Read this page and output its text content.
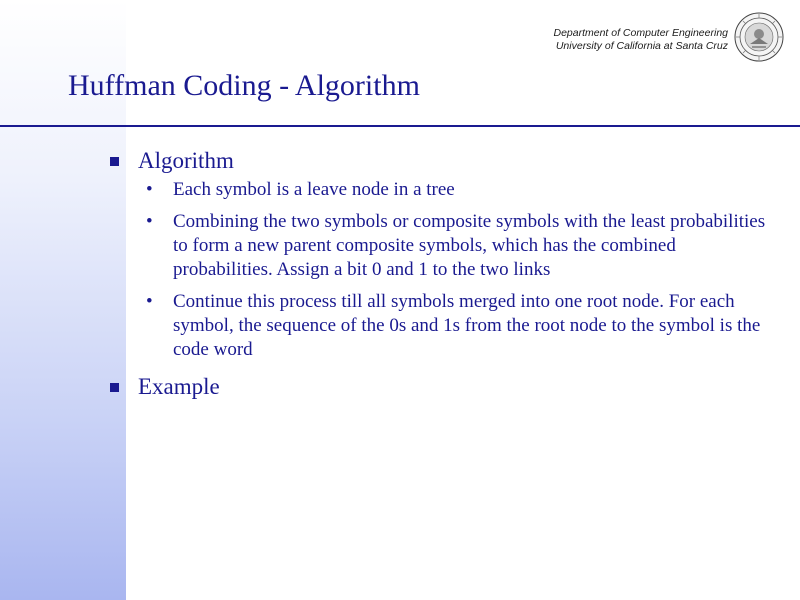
Department of Computer Engineering
University of California at Santa Cruz
Huffman Coding - Algorithm
Algorithm
• Each symbol is a leave node in a tree
• Combining the two symbols or composite symbols with the least probabilities to form a new parent composite symbols, which has the combined probabilities. Assign a bit 0 and 1 to the two links
• Continue this process till all symbols merged into one root node. For each symbol, the sequence of the 0s and 1s from the root node to the symbol is the code word
Example
